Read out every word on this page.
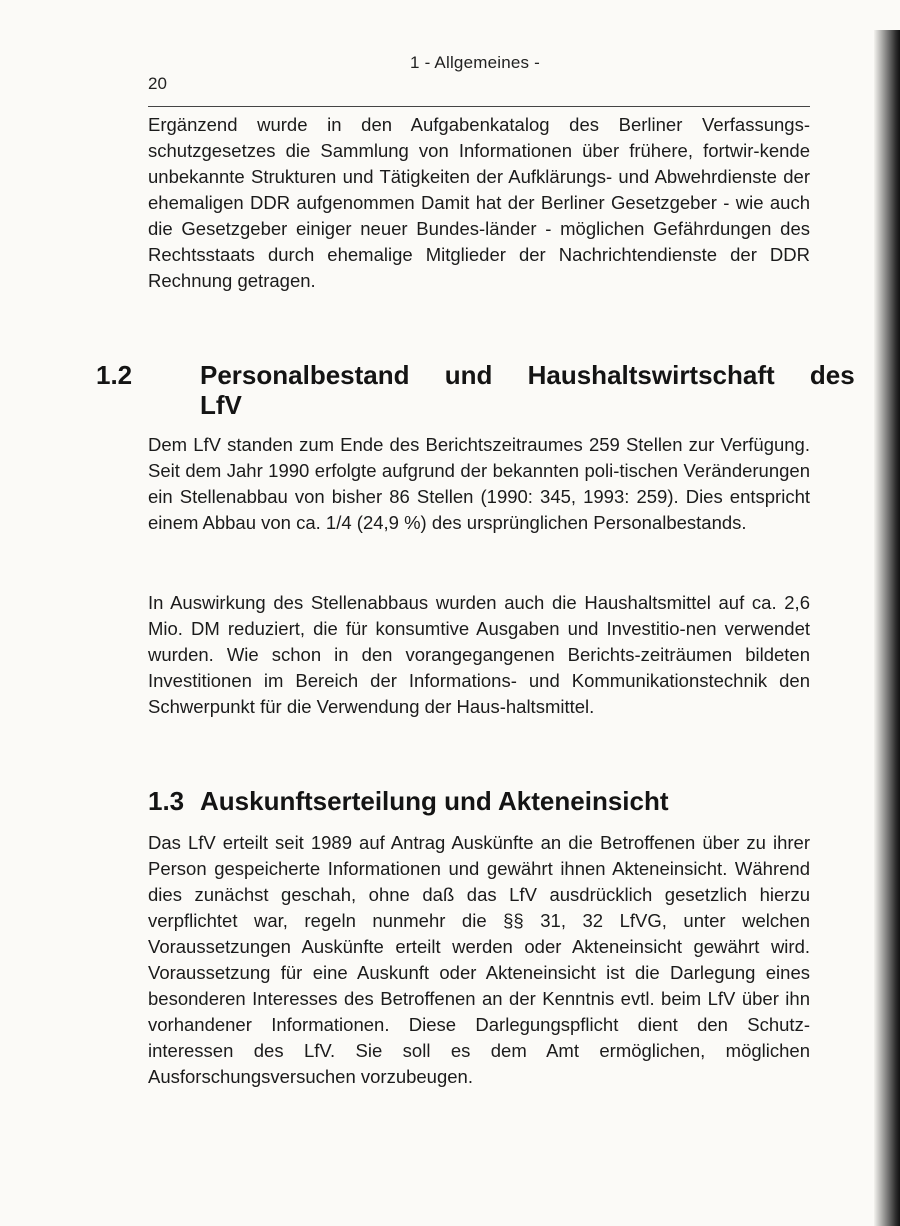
20
1 - Allgemeines -

Ergänzend wurde in den Aufgabenkatalog des Berliner Verfassungs-schutzgesetzes die Sammlung von Informationen über frühere, fortwir-kende unbekannte Strukturen und Tätigkeiten der Aufklärungs- und Abwehrdienste der ehemaligen DDR aufgenommen Damit hat der Berliner Gesetzgeber - wie auch die Gesetzgeber einiger neuer Bundes-länder - möglichen Gefährdungen des Rechtsstaats durch ehemalige Mitglieder der Nachrichtendienste der DDR Rechnung getragen.

1.2	Personalbestand und Haushaltswirtschaft des LfV

Dem LfV standen zum Ende des Berichtszeitraumes 259 Stellen zur Verfügung. Seit dem Jahr 1990 erfolgte aufgrund der bekannten poli-tischen Veränderungen ein Stellenabbau von bisher 86 Stellen (1990: 345, 1993: 259). Dies entspricht einem Abbau von ca. 1/4 (24,9 %) des ursprünglichen Personalbestands.

In Auswirkung des Stellenabbaus wurden auch die Haushaltsmittel auf ca. 2,6 Mio. DM reduziert, die für konsumtive Ausgaben und Investitio-nen verwendet wurden. Wie schon in den vorangegangenen Berichts-zeiträumen bildeten Investitionen im Bereich der Informations- und Kommunikationstechnik den Schwerpunkt für die Verwendung der Haus-haltsmittel.

1.3 Auskunftserteilung und Akteneinsicht

Das LfV erteilt seit 1989 auf Antrag Auskünfte an die Betroffenen über zu ihrer Person gespeicherte Informationen und gewährt ihnen Akteneinsicht. Während dies zunächst geschah, ohne daß das LfV ausdrücklich gesetzlich hierzu verpflichtet war, regeln nunmehr die §§ 31, 32 LfVG, unter welchen Voraussetzungen Auskünfte erteilt werden oder Akteneinsicht gewährt wird. Voraussetzung für eine Auskunft oder Akteneinsicht ist die Darlegung eines besonderen Interesses des Betroffenen an der Kenntnis evtl. beim LfV über ihn vorhandener Informationen. Diese Darlegungspflicht dient den Schutz-interessen des LfV. Sie soll es dem Amt ermöglichen, möglichen Ausforschungsversuchen vorzubeugen.
